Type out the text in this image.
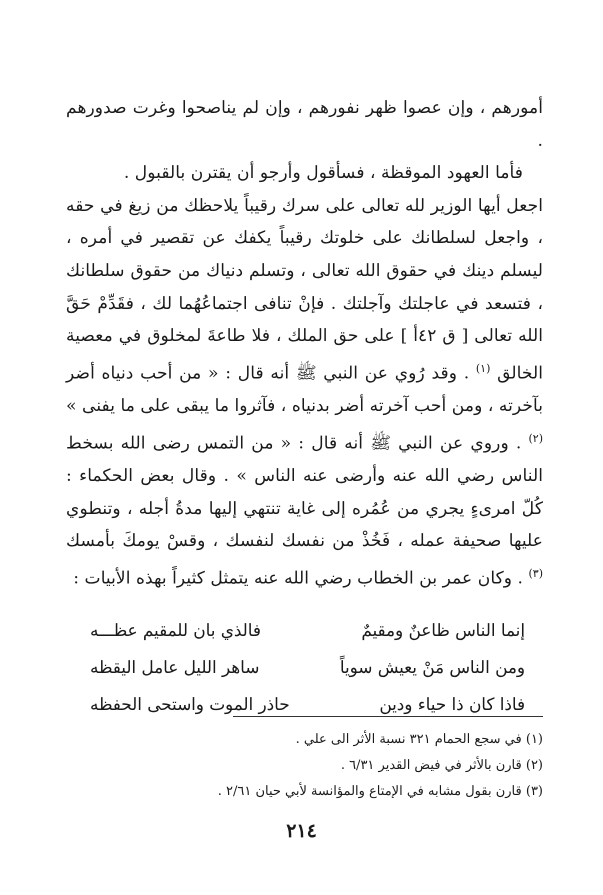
أمورهم ، وإن عصوا ظهر نفورهم ، وإن لم يناصحوا وغرت صدورهم .

فأما العهود الموقظة ، فسأقول وأرجو أن يقترن بالقبول .

اجعل أيها الوزير لله تعالى على سرك رقيباً يلاحظك من زيغ في حقه ، واجعل لسلطانك على خلوتك رقيباً يكفك عن تقصير في أمره ، ليسلم دينك في حقوق الله تعالى ، وتسلم دنياك من حقوق سلطانك ، فتسعد في عاجلتك وآجلتك . فإنْ تنافى اجتماعُهُما لك ، فقَدِّمْ حَقَّ الله تعالى [ ق ٤٢أ ] على حق الملك ، فلا طاعةَ لمخلوق في معصية الخالق $^{(١)}$ . وقد رُوي عن النبي ﷺ أنه قال : « من أحب دنياه أضر بآخرته ، ومن أحب آخرته أضر بدنياه ، فآثروا ما يبقى على ما يفنى » $^{(٢)}$ . وروي عن النبي ﷺ أنه قال : « من التمس رضى الله بسخط الناس رضي الله عنه وأرضى عنه الناس » . وقال بعض الحكماء : كُلّ امرىءٍ يجري من عُمُره إلى غاية تنتهي إليها مدةُ أجله ، وتنطوي عليها صحيفة عمله ، فَخُذْ من نفسك لنفسك ، وقسْ يومكَ بأمسك $^{(٣)}$ . وكان عمر بن الخطاب رضي الله عنه يتمثل كثيراً بهذه الأبيات :

إنما الناس ظاعنٌ ومقيمٌ
فالذي بان للمقيم عظـــه
ومن الناس مَنْ يعيش سوياً
ساهر الليل عامل اليقظه
فاذا كان ذا حياء ودين
حاذر الموت واستحى الحفظه

(١) في سجع الحمام ٣٢١ نسبة الأثر الى علي .

(٢) قارن بالأثر في فيض القدير ٦/٣١ .

(٣) قارن بقول مشابه في الإمتاع والمؤانسة لأبي حيان ٢/٦١ .

٢١٤
